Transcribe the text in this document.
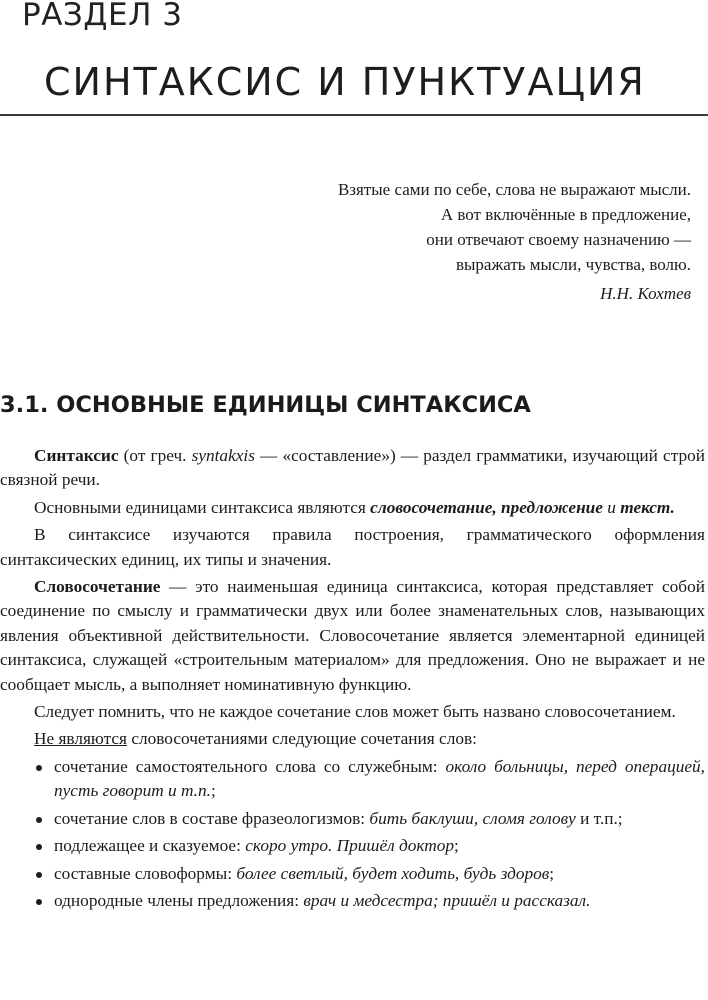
РАЗДЕЛ 3
СИНТАКСИС И ПУНКТУАЦИЯ
Взятые сами по себе, слова не выражают мысли.
А вот включённые в предложение,
они отвечают своему назначению —
выражать мысли, чувства, волю.
Н.Н. Кохтев
3.1. ОСНОВНЫЕ ЕДИНИЦЫ СИНТАКСИСА

Синтаксис (от греч. syntakxis — «составление») — раздел грамматики, изучающий строй связной речи.

Основными единицами синтаксиса являются словосочетание, предложение и текст.

В синтаксисе изучаются правила построения, грамматического оформления синтаксических единиц, их типы и значения.

Словосочетание — это наименьшая единица синтаксиса, которая представляет собой соединение по смыслу и грамматически двух или более знаменательных слов, называющих явления объективной действительности. Словосочетание является элементарной единицей синтаксиса, служащей «строительным материалом» для предложения. Оно не выражает и не сообщает мысль, а выполняет номинативную функцию.

Следует помнить, что не каждое сочетание слов может быть названо словосочетанием.

Не являются словосочетаниями следующие сочетания слов:

сочетание самостоятельного слова со служебным: около больницы, перед операцией, пусть говорит и т.п.;
сочетание слов в составе фразеологизмов: бить баклуши, сломя голову и т.п.;
подлежащее и сказуемое: скоро утро. Пришёл доктор;
составные словоформы: более светлый, будет ходить, будь здоров;
однородные члены предложения: врач и медсестра; пришёл и рассказал.
